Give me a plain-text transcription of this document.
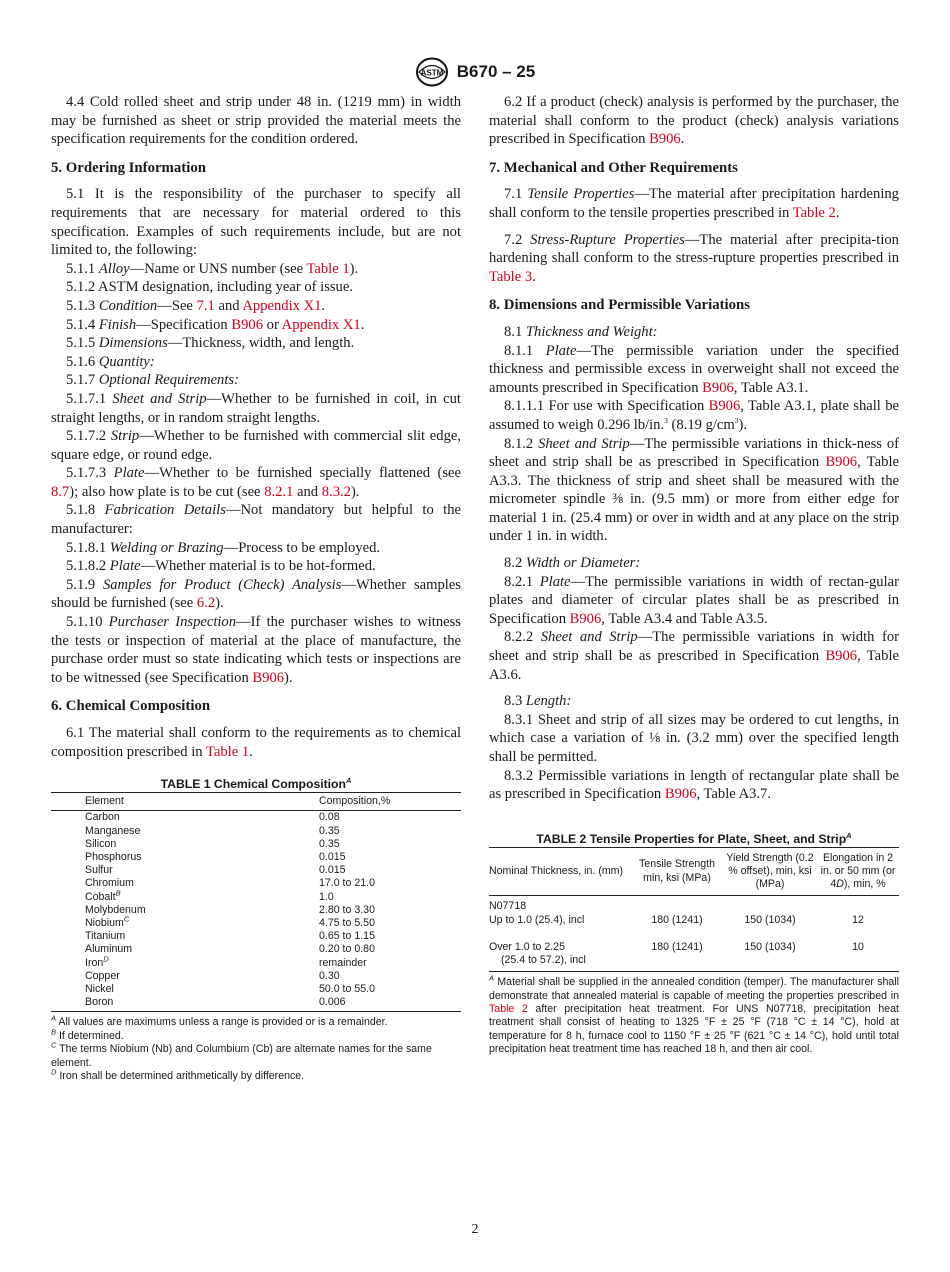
ASTM B670 – 25

4.4 Cold rolled sheet and strip under 48 in. (1219 mm) in width may be furnished as sheet or strip provided the material meets the specification requirements for the condition ordered.

5. Ordering Information

5.1 It is the responsibility of the purchaser to specify all requirements that are necessary for material ordered to this specification. Examples of such requirements include, but are not limited to, the following:

5.1.1 Alloy—Name or UNS number (see Table 1).

5.1.2 ASTM designation, including year of issue.

5.1.3 Condition—See 7.1 and Appendix X1.

5.1.4 Finish—Specification B906 or Appendix X1.

5.1.5 Dimensions—Thickness, width, and length.

5.1.6 Quantity:

5.1.7 Optional Requirements:

5.1.7.1 Sheet and Strip—Whether to be furnished in coil, in cut straight lengths, or in random straight lengths.

5.1.7.2 Strip—Whether to be furnished with commercial slit edge, square edge, or round edge.

5.1.7.3 Plate—Whether to be furnished specially flattened (see 8.7); also how plate is to be cut (see 8.2.1 and 8.3.2).

5.1.8 Fabrication Details—Not mandatory but helpful to the manufacturer:

5.1.8.1 Welding or Brazing—Process to be employed.

5.1.8.2 Plate—Whether material is to be hot-formed.

5.1.9 Samples for Product (Check) Analysis—Whether samples should be furnished (see 6.2).

5.1.10 Purchaser Inspection—If the purchaser wishes to witness the tests or inspection of material at the place of manufacture, the purchase order must so state indicating which tests or inspections are to be witnessed (see Specification B906).

6. Chemical Composition

6.1 The material shall conform to the requirements as to chemical composition prescribed in Table 1.

TABLE 1 Chemical Composition$^A$
Element	Composition,%
Carbon	0.08
Manganese	0.35
Silicon	0.35
Phosphorus	0.015
Sulfur	0.015
Chromium	17.0 to 21.0
Cobalt$^B$	1.0
Molybdenum	2.80 to 3.30
Niobium$^C$	4.75 to 5.50
Titanium	0.65 to 1.15
Aluminum	0.20 to 0.80
Iron$^D$	remainder
Copper	0.30
Nickel	50.0 to 55.0
Boron	0.006
$^A$ All values are maximums unless a range is provided or is a remainder.
$^B$ If determined.
$^C$ The terms Niobium (Nb) and Columbium (Cb) are alternate names for the same element.
$^D$ Iron shall be determined arithmetically by difference.

6.2 If a product (check) analysis is performed by the purchaser, the material shall conform to the product (check) analysis variations prescribed in Specification B906.

7. Mechanical and Other Requirements

7.1 Tensile Properties—The material after precipitation hardening shall conform to the tensile properties prescribed in Table 2.

7.2 Stress-Rupture Properties—The material after precipita-tion hardening shall conform to the stress-rupture properties prescribed in Table 3.

8. Dimensions and Permissible Variations

8.1 Thickness and Weight:

8.1.1 Plate—The permissible variation under the specified thickness and permissible excess in overweight shall not exceed the amounts prescribed in Specification B906, Table A3.1.

8.1.1.1 For use with Specification B906, Table A3.1, plate shall be assumed to weigh 0.296 lb/in.$^3$ (8.19 $g/cm^3$).

8.1.2 Sheet and Strip—The permissible variations in thick-ness of sheet and strip shall be as prescribed in Specification B906, Table A3.3. The thickness of strip and sheet shall be measured with the micrometer spindle ⅜ in. (9.5 mm) or more from either edge for material 1 in. (25.4 mm) or over in width and at any place on the strip under 1 in. in width.

8.2 Width or Diameter:

8.2.1 Plate—The permissible variations in width of rectan-gular plates and diameter of circular plates shall be as prescribed in Specification B906, Table A3.4 and Table A3.5.

8.2.2 Sheet and Strip—The permissible variations in width for sheet and strip shall be as prescribed in Specification B906, Table A3.6.

8.3 Length:

8.3.1 Sheet and strip of all sizes may be ordered to cut lengths, in which case a variation of ⅛ in. (3.2 mm) over the specified length shall be permitted.

8.3.2 Permissible variations in length of rectangular plate shall be as prescribed in Specification B906, Table A3.7.

TABLE 2 Tensile Properties for Plate, Sheet, and Strip$^A$
Nominal Thickness, in. (mm)	Tensile Strength min, ksi (MPa)	Yield Strength (0.2 % offset), min, ksi (MPa)	Elongation in 2 in. or 50 mm (or 4D), min, %
N07718			
Up to 1.0 (25.4), incl	180 (1241)	150 (1034)	12

Over 1.0 to 2.25
(25.4 to 57.2), incl	180 (1241)	150 (1034)	10

$^A$ Material shall be supplied in the annealed condition (temper). The manufacturer shall demonstrate that annealed material is capable of meeting the properties prescribed in Table 2 after precipitation heat treatment. For UNS N07718, precipitation heat treatment shall consist of heating to 1325 °F ± 25 °F (718 °C ± 14 °C), hold at temperature for 8 h, furnace cool to 1150 °F ± 25 °F (621 °C ± 14 °C), hold until total precipitation heat treatment time has reached 18 h, and then air cool.

2
